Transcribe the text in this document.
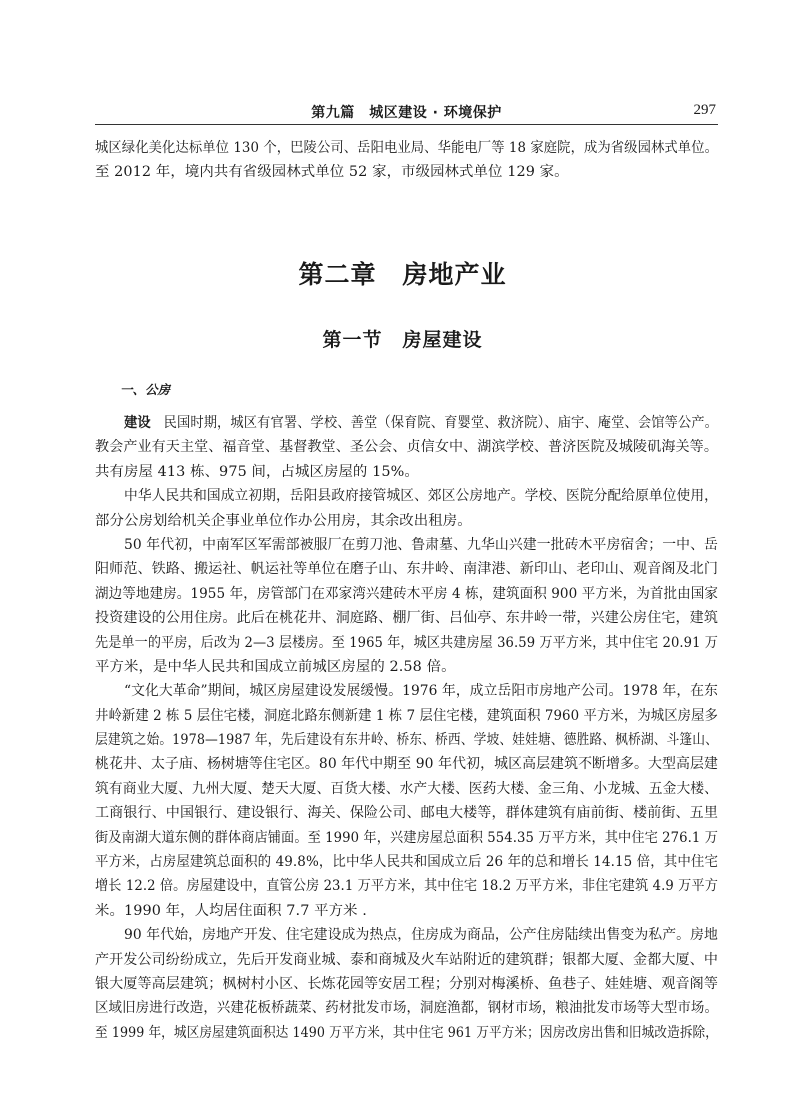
第九篇　城区建设 · 环境保护	297
城区绿化美化达标单位 130 个，巴陵公司、岳阳电业局、华能电厂等 18 家庭院，成为省级园林式单位。
至 2012 年，境内共有省级园林式单位 52 家，市级园林式单位 129 家。
第二章　房地产业
第一节　房屋建设
一、公房
建设 民国时期，城区有官署、学校、善堂（保育院、育婴堂、救济院）、庙宇、庵堂、会馆等公产。
教会产业有天主堂、福音堂、基督教堂、圣公会、贞信女中、湖滨学校、普济医院及城陵矶海关等。
共有房屋 413 栋、975 间，占城区房屋的 15%。
中华人民共和国成立初期，岳阳县政府接管城区、郊区公房地产。学校、医院分配给原单位使用，
部分公房划给机关企事业单位作办公用房，其余改出租房。
50 年代初，中南军区军需部被服厂在剪刀池、鲁肃墓、九华山兴建一批砖木平房宿舍；一中、岳
阳师范、铁路、搬运社、帆运社等单位在磨子山、东井岭、南津港、新印山、老印山、观音阁及北门
湖边等地建房。1955 年，房管部门在邓家湾兴建砖木平房 4 栋，建筑面积 900 平方米，为首批由国家
投资建设的公用住房。此后在桃花井、洞庭路、棚厂街、吕仙亭、东井岭一带，兴建公房住宅，建筑
先是单一的平房，后改为 2—3 层楼房。至 1965 年，城区共建房屋 36.59 万平方米，其中住宅 20.91 万
平方米，是中华人民共和国成立前城区房屋的 2.58 倍。
“文化大革命”期间，城区房屋建设发展缓慢。1976 年，成立岳阳市房地产公司。1978 年，在东
井岭新建 2 栋 5 层住宅楼，洞庭北路东侧新建 1 栋 7 层住宅楼，建筑面积 7960 平方米，为城区房屋多
层建筑之始。1978—1987 年，先后建设有东井岭、桥东、桥西、学坡、娃娃塘、德胜路、枫桥湖、斗篷山、
桃花井、太子庙、杨树塘等住宅区。80 年代中期至 90 年代初，城区高层建筑不断增多。大型高层建
筑有商业大厦、九州大厦、楚天大厦、百货大楼、水产大楼、医药大楼、金三角、小龙城、五金大楼、
工商银行、中国银行、建设银行、海关、保险公司、邮电大楼等，群体建筑有庙前街、楼前街、五里
街及南湖大道东侧的群体商店铺面。至 1990 年，兴建房屋总面积 554.35 万平方米，其中住宅 276.1 万
平方米，占房屋建筑总面积的 49.8%，比中华人民共和国成立后 26 年的总和增长 14.15 倍，其中住宅
增长 12.2 倍。房屋建设中，直管公房 23.1 万平方米，其中住宅 18.2 万平方米，非住宅建筑 4.9 万平方
米。1990 年，人均居住面积 7.7 平方米 .
90 年代始，房地产开发、住宅建设成为热点，住房成为商品，公产住房陆续出售变为私产。房地
产开发公司纷纷成立，先后开发商业城、泰和商城及火车站附近的建筑群；银都大厦、金都大厦、中
银大厦等高层建筑；枫树村小区、长炼花园等安居工程；分别对梅溪桥、鱼巷子、娃娃塘、观音阁等
区域旧房进行改造，兴建花板桥蔬菜、药材批发市场，洞庭渔都，钢材市场，粮油批发市场等大型市场。
至 1999 年，城区房屋建筑面积达 1490 万平方米，其中住宅 961 万平方米；因房改房出售和旧城改造拆除，
